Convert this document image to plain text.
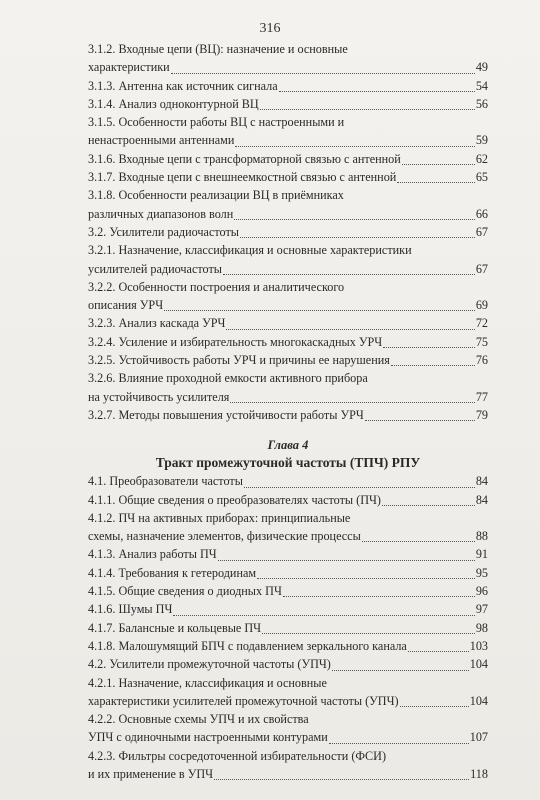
316
3.1.2. Входные цепи (ВЦ): назначение и основные
характеристики	49
3.1.3. Антенна как источник сигнала	54
3.1.4. Анализ одноконтурной ВЦ	56
3.1.5. Особенности работы ВЦ с настроенными и
ненастроенными антеннами	59
3.1.6. Входные цепи с трансформаторной связью с антенной	62
3.1.7. Входные цепи с внешнеемкостной связью с антенной	65
3.1.8. Особенности реализации ВЦ в приёмниках
различных диапазонов волн	66
3.2. Усилители радиочастоты	67
3.2.1. Назначение, классификация и основные характеристики
усилителей радиочастоты	67
3.2.2. Особенности построения и аналитического
описания УРЧ	69
3.2.3. Анализ каскада УРЧ	72
3.2.4. Усиление и избирательность многокаскадных УРЧ	75
3.2.5. Устойчивость работы УРЧ и причины ее нарушения	76
3.2.6. Влияние проходной емкости активного прибора
на устойчивость усилителя	77
3.2.7. Методы повышения устойчивости работы УРЧ	79
Глава 4
Тракт промежуточной частоты (ТПЧ) РПУ
4.1. Преобразователи частоты	84
4.1.1. Общие сведения о преобразователях частоты (ПЧ)	84
4.1.2. ПЧ на активных приборах: принципиальные
схемы, назначение элементов, физические процессы	88
4.1.3. Анализ работы ПЧ	91
4.1.4. Требования к гетеродинам	95
4.1.5. Общие сведения о диодных ПЧ	96
4.1.6. Шумы ПЧ	97
4.1.7. Балансные и кольцевые ПЧ	98
4.1.8. Малошумящий БПЧ с подавлением зеркального канала	103
4.2. Усилители промежуточной частоты (УПЧ)	104
4.2.1. Назначение, классификация и основные
характеристики усилителей промежуточной частоты (УПЧ)	104
4.2.2. Основные схемы УПЧ и их свойства
УПЧ с одиночными настроенными контурами	107
4.2.3. Фильтры сосредоточенной избирательности (ФСИ)
и их применение в УПЧ	118
